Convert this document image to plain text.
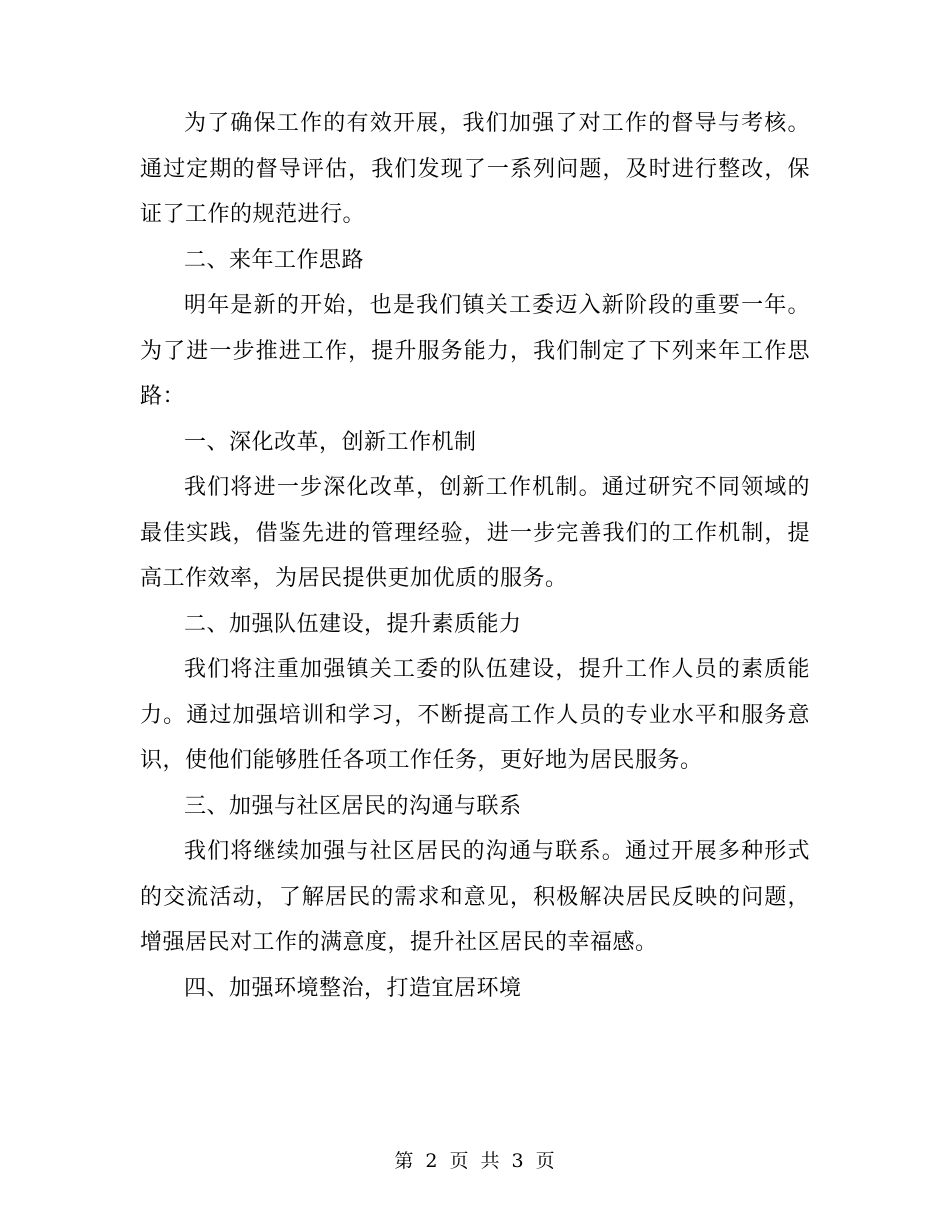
为了确保工作的有效开展，我们加强了对工作的督导与考核。通过定期的督导评估，我们发现了一系列问题，及时进行整改，保证了工作的规范进行。

二、来年工作思路

明年是新的开始，也是我们镇关工委迈入新阶段的重要一年。为了进一步推进工作，提升服务能力，我们制定了下列来年工作思路：

一、深化改革，创新工作机制

我们将进一步深化改革，创新工作机制。通过研究不同领域的最佳实践，借鉴先进的管理经验，进一步完善我们的工作机制，提高工作效率，为居民提供更加优质的服务。

二、加强队伍建设，提升素质能力

我们将注重加强镇关工委的队伍建设，提升工作人员的素质能力。通过加强培训和学习，不断提高工作人员的专业水平和服务意识，使他们能够胜任各项工作任务，更好地为居民服务。

三、加强与社区居民的沟通与联系

我们将继续加强与社区居民的沟通与联系。通过开展多种形式的交流活动，了解居民的需求和意见，积极解决居民反映的问题，增强居民对工作的满意度，提升社区居民的幸福感。

四、加强环境整治，打造宜居环境

第 2 页 共 3 页
